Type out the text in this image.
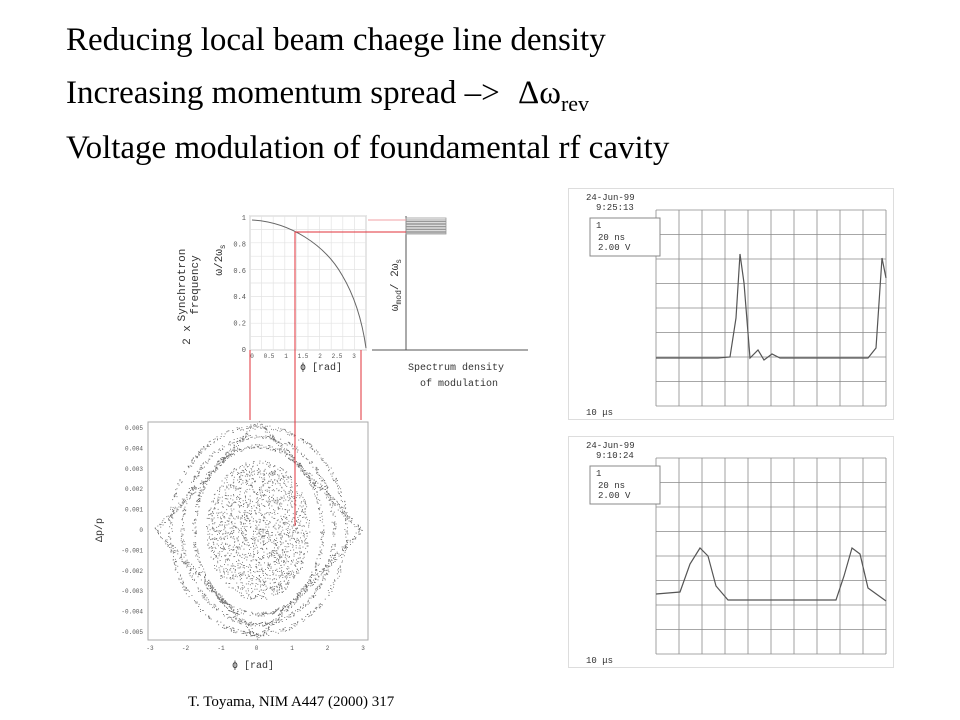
Reducing local beam chaege line density
Increasing momentum spread –> $\Delta\omega_{rev}$
Voltage modulation of foundamental rf cavity
1
0.8
0.6
0.4
0.2
0
0 0.5 1 1.5 2 2.5 3
ϕ [rad]
Synchrotron frequency $\omega/2\omega_s$
2 x
$\omega_{mod}/$ $2\omega_s$
Spectrum density
of modulation
0.005
0.004
0.003
0.002
0.001
0
-0.001
-0.002
-0.003
-0.004
-0.005
-3	-2	-1	0	1	2	3
Δp/p
ϕ [rad]
24-Jun-99
9:25:13
1
20 ns
2.00 V
10 μs
24-Jun-99
9:10:24
1
20 ns
2.00 V
10 μs
T. Toyama, NIM A447 (2000) 317
